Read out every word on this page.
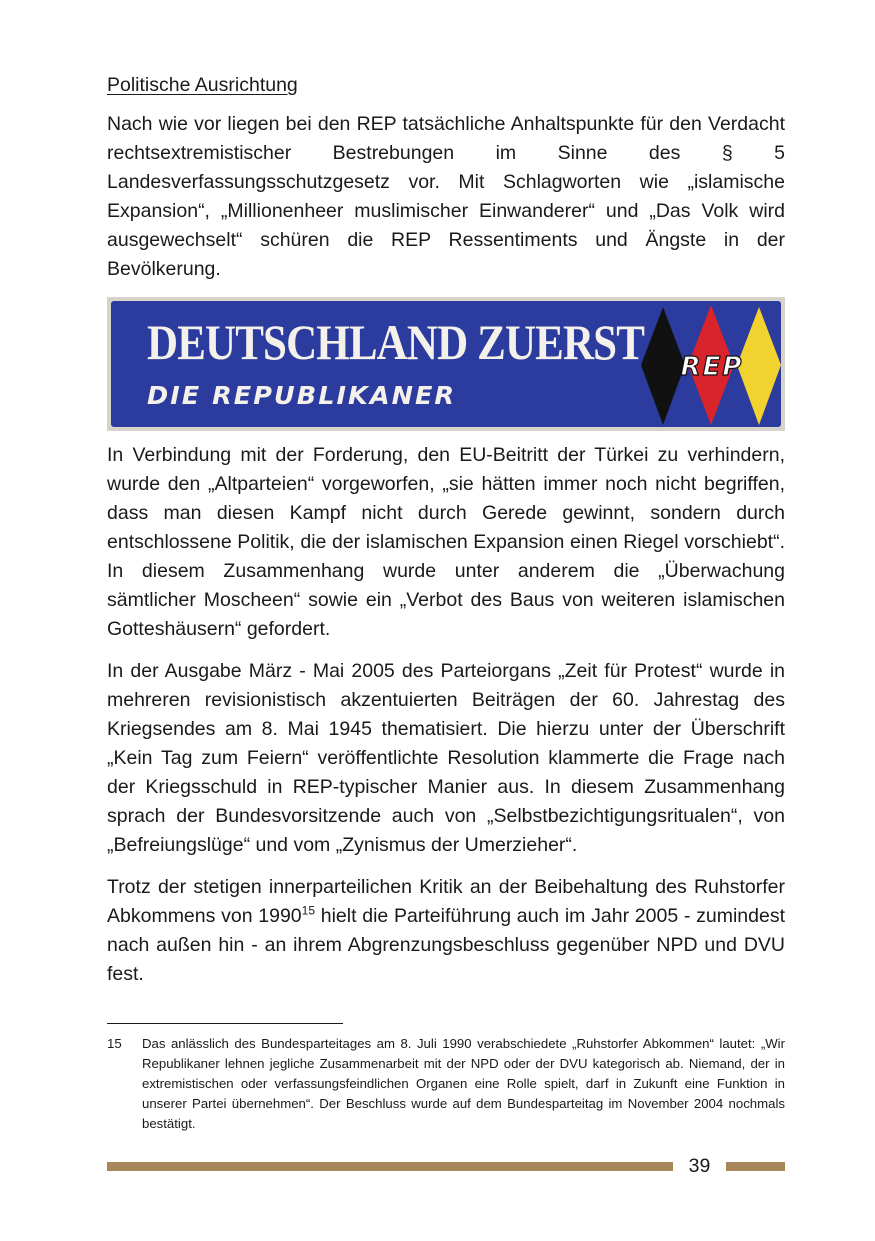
Politische Ausrichtung

Nach wie vor liegen bei den REP tatsächliche Anhaltspunkte für den Verdacht rechtsextremistischer Bestrebungen im Sinne des § 5 Landesverfassungsschutzgesetz vor. Mit Schlagworten wie „islamische Expansion“, „Millionenheer muslimischer Einwanderer“ und „Das Volk wird ausgewechselt“ schüren die REP Ressentiments und Ängste in der Bevölkerung.

DEUTSCHLAND ZUERST
DIE REPUBLIKANER
REP

In Verbindung mit der Forderung, den EU-Beitritt der Türkei zu verhindern, wurde den „Altparteien“ vorgeworfen, „sie hätten immer noch nicht begriffen, dass man diesen Kampf nicht durch Gerede gewinnt, sondern durch entschlossene Politik, die der islamischen Expansion einen Riegel vorschiebt“. In diesem Zusammenhang wurde unter anderem die „Überwachung sämtlicher Moscheen“ sowie ein „Verbot des Baus von weiteren islamischen Gotteshäusern“ gefordert.

In der Ausgabe März - Mai 2005 des Parteiorgans „Zeit für Protest“ wurde in mehreren revisionistisch akzentuierten Beiträgen der 60. Jahrestag des Kriegsendes am 8. Mai 1945 thematisiert. Die hierzu unter der Überschrift „Kein Tag zum Feiern“ veröffentlichte Resolution klammerte die Frage nach der Kriegsschuld in REP-typischer Manier aus. In diesem Zusammenhang sprach der Bundesvorsitzende auch von „Selbstbezichtigungsritualen“, von „Befreiungslüge“ und vom „Zynismus der Umerzieher“.

Trotz der stetigen innerparteilichen Kritik an der Beibehaltung des Ruhstorfer Abkommens von 1990$^{15}$ hielt die Parteiführung auch im Jahr 2005 - zumindest nach außen hin - an ihrem Abgrenzungsbeschluss gegenüber NPD und DVU fest.

15	Das anlässlich des Bundesparteitages am 8. Juli 1990 verabschiedete „Ruhstorfer Abkommen“ lautet: „Wir Republikaner lehnen jegliche Zusammenarbeit mit der NPD oder der DVU kategorisch ab. Niemand, der in extremistischen oder verfassungsfeindlichen Organen eine Rolle spielt, darf in Zukunft eine Funktion in unserer Partei übernehmen“. Der Beschluss wurde auf dem Bundesparteitag im November 2004 nochmals bestätigt.
39
